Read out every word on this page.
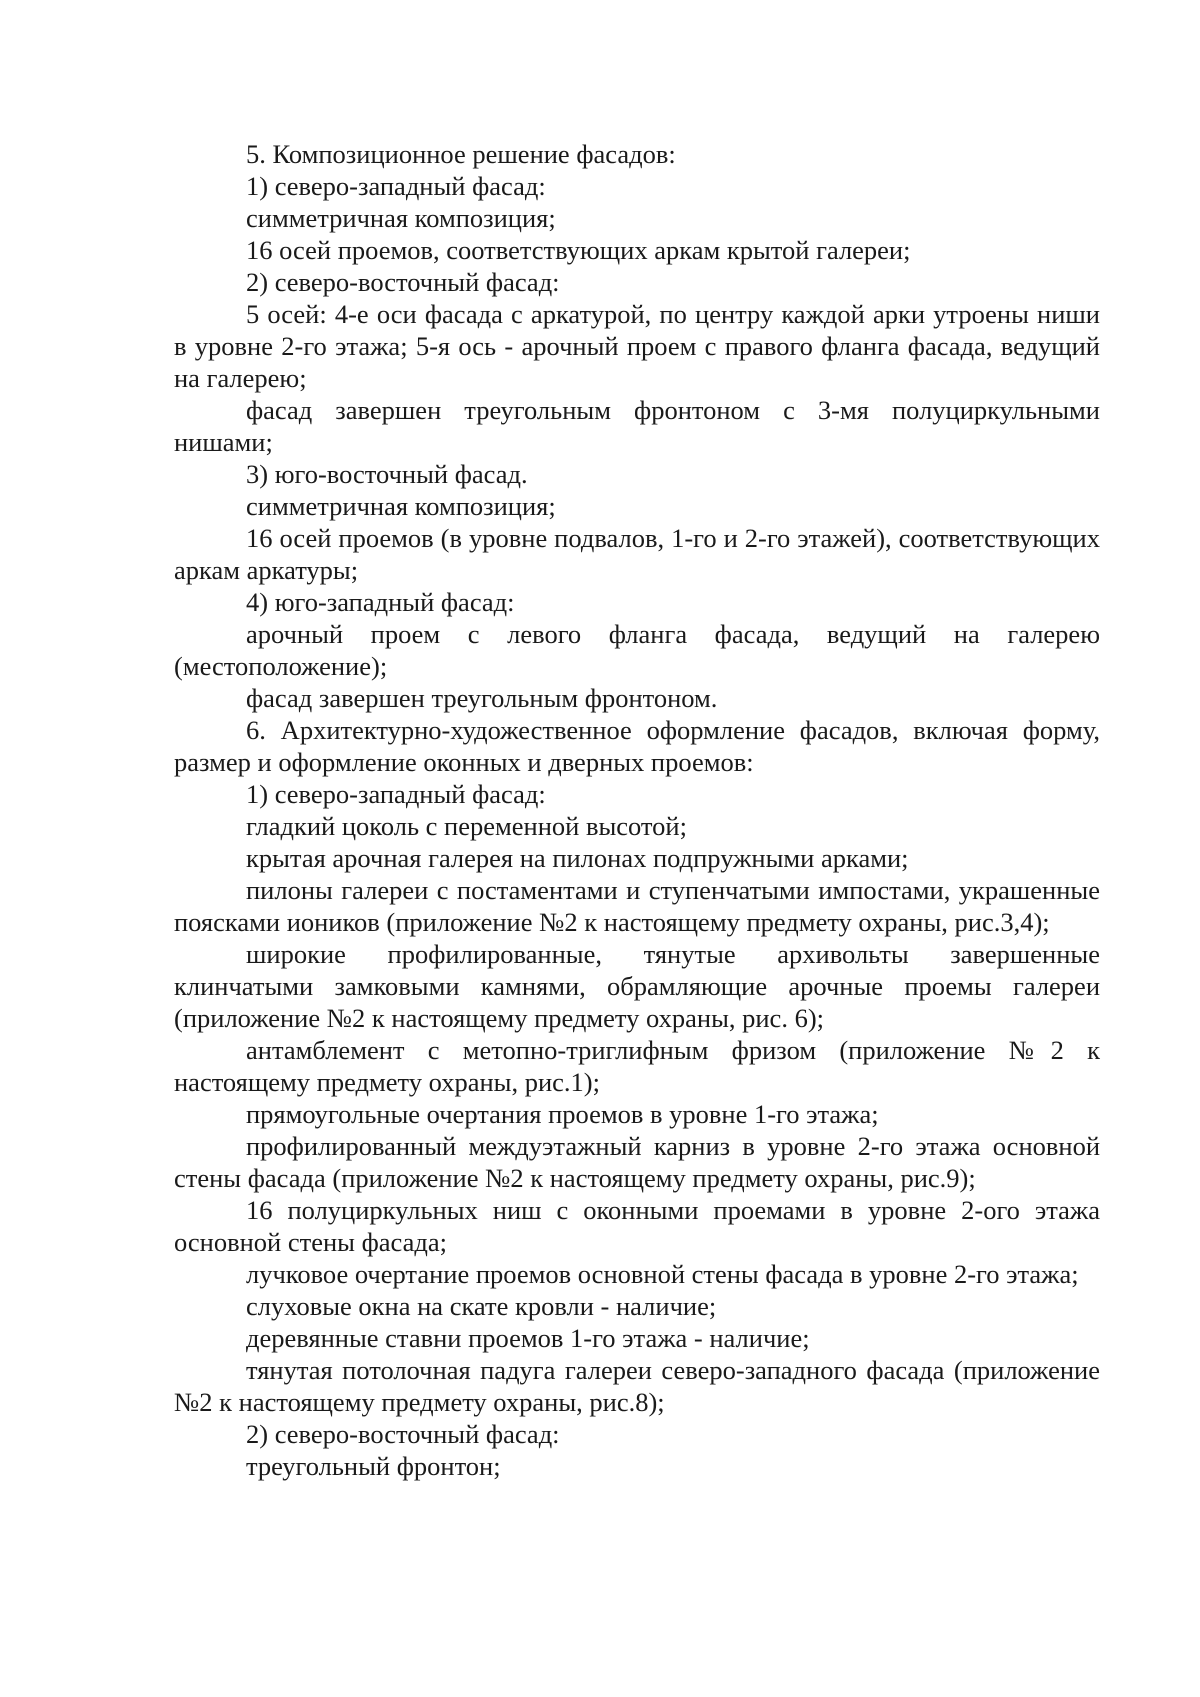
5. Композиционное решение фасадов:

1) северо-западный фасад:

симметричная композиция;

16 осей проемов, соответствующих аркам крытой галереи;

2) северо-восточный фасад:

5 осей: 4-е оси фасада с аркатурой, по центру каждой арки утроены ниши в уровне 2-го этажа; 5-я ось - арочный проем с правого фланга фасада, ведущий на галерею;

фасад завершен треугольным фронтоном с 3-мя полуциркульными нишами;

3) юго-восточный фасад.

симметричная композиция;

16 осей проемов (в уровне подвалов, 1-го и 2-го этажей), соответствующих аркам аркатуры;

4) юго-западный фасад:

арочный проем с левого фланга фасада, ведущий на галерею (местоположение);

фасад завершен треугольным фронтоном.

6. Архитектурно-художественное оформление фасадов, включая форму, размер и оформление оконных и дверных проемов:

1) северо-западный фасад:

гладкий цоколь с переменной высотой;

крытая арочная галерея на пилонах подпружными арками;

пилоны галереи с постаментами и ступенчатыми импостами, украшенные поясками иоников (приложение №2 к настоящему предмету охраны, рис.3,4);

широкие профилированные, тянутые архивольты завершенные клинчатыми замковыми камнями, обрамляющие арочные проемы галереи (приложение №2 к настоящему предмету охраны, рис. 6);

антамблемент с метопно-триглифным фризом (приложение №2 к настоящему предмету охраны, рис.1);

прямоугольные очертания проемов в уровне 1-го этажа;

профилированный междуэтажный карниз в уровне 2-го этажа основной стены фасада (приложение №2 к настоящему предмету охраны, рис.9);

16 полуциркульных ниш с оконными проемами в уровне 2-ого этажа основной стены фасада;

лучковое очертание проемов основной стены фасада в уровне 2-го этажа;

слуховые окна на скате кровли - наличие;

деревянные ставни проемов 1-го этажа - наличие;

тянутая потолочная падуга галереи северо-западного фасада (приложение №2 к настоящему предмету охраны, рис.8);

2) северо-восточный фасад:

треугольный фронтон;
